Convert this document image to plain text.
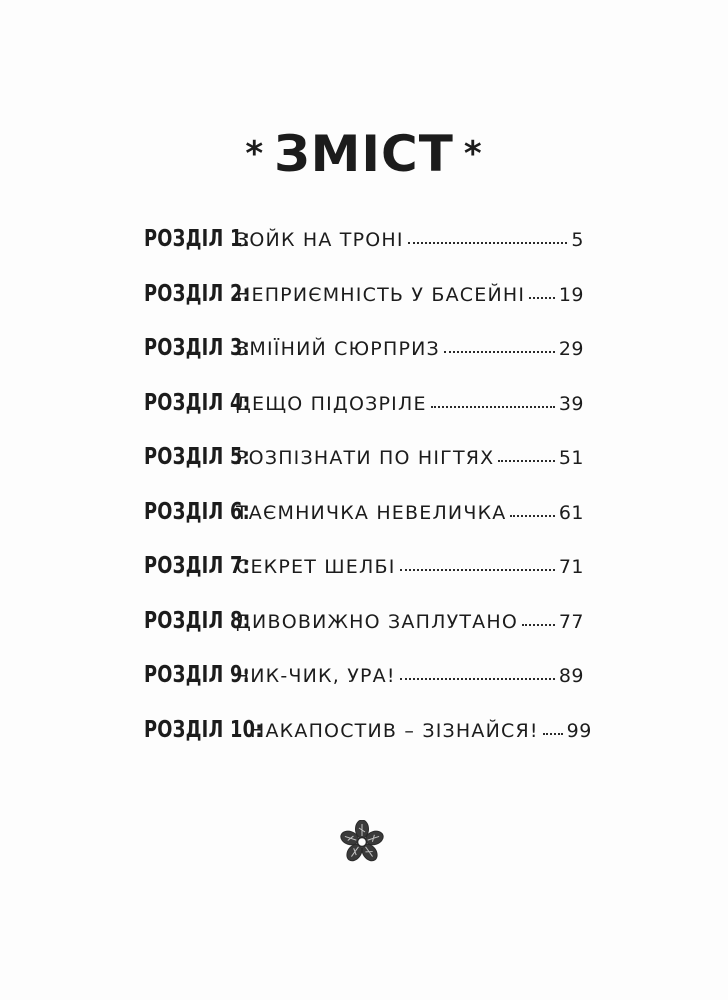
* ЗМІСТ *
РОЗДІЛ 1:
ЗОЙК НА ТРОНІ	5
РОЗДІЛ 2:
НЕПРИЄМНІСТЬ У БАСЕЙНІ 19
РОЗДІЛ 3:
ЗМІЇНИЙ СЮРПРИЗ	29
РОЗДІЛ 4:
ДЕЩО ПІДОЗРІЛЕ	39
РОЗДІЛ 5:
РОЗПІЗНАТИ ПО НІГТЯХ	51
РОЗДІЛ 6:
ТАЄМНИЧКА НЕВЕЛИЧКА	61
РОЗДІЛ 7:
СЕКРЕТ ШЕЛБІ	71
РОЗДІЛ 8:
ДИВОВИЖНО ЗАПЛУТАНО 77
РОЗДІЛ 9:
ЧИК-ЧИК, УРА!	89
РОЗДІЛ 10:
НАКАПОСТИВ – ЗІЗНАЙСЯ! 99
